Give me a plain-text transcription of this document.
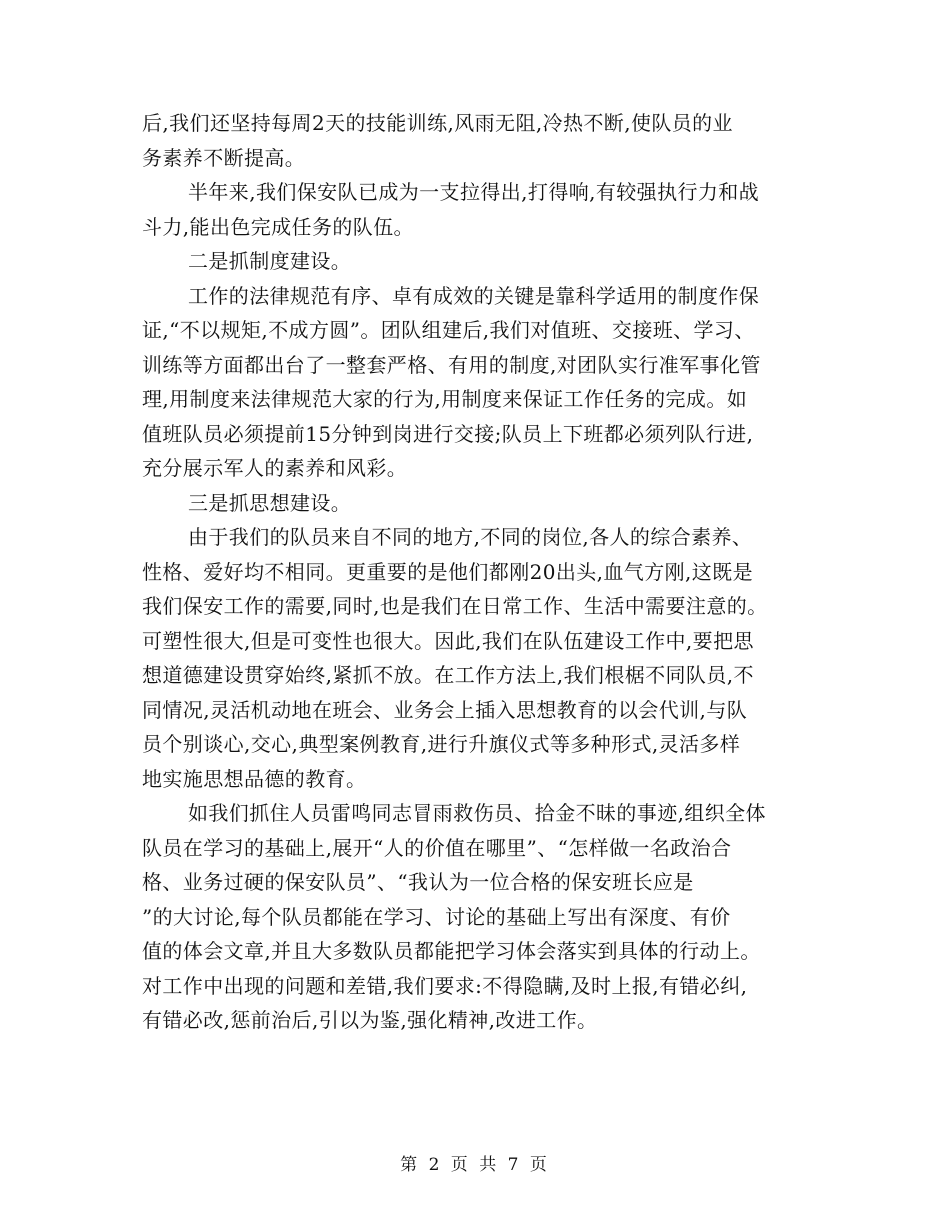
后,我们还坚持每周2天的技能训练,风雨无阻,冷热不断,使队员的业
务素养不断提高。
半年来,我们保安队已成为一支拉得出,打得响,有较强执行力和战
斗力,能出色完成任务的队伍。
二是抓制度建设。
工作的法律规范有序、卓有成效的关键是靠科学适用的制度作保
证,“不以规矩,不成方圆”。团队组建后,我们对值班、交接班、学习、
训练等方面都出台了一整套严格、有用的制度,对团队实行准军事化管
理,用制度来法律规范大家的行为,用制度来保证工作任务的完成。如
值班队员必须提前15分钟到岗进行交接;队员上下班都必须列队行进,
充分展示军人的素养和风彩。
三是抓思想建设。
由于我们的队员来自不同的地方,不同的岗位,各人的综合素养、
性格、爱好均不相同。更重要的是他们都刚20出头,血气方刚,这既是
我们保安工作的需要,同时,也是我们在日常工作、生活中需要注意的。
可塑性很大,但是可变性也很大。因此,我们在队伍建设工作中,要把思
想道德建设贯穿始终,紧抓不放。在工作方法上,我们根椐不同队员,不
同情况,灵活机动地在班会、业务会上插入思想教育的以会代训,与队
员个别谈心,交心,典型案例教育,进行升旗仪式等多种形式,灵活多样
地实施思想品德的教育。
如我们抓住人员雷鸣同志冒雨救伤员、拾金不昧的事迹,组织全体
队员在学习的基础上,展开“人的价值在哪里”、“怎样做一名政治合
格、业务过硬的保安队员”、“我认为一位合格的保安班长应是
”的大讨论,每个队员都能在学习、讨论的基础上写出有深度、有价
值的体会文章,并且大多数队员都能把学习体会落实到具体的行动上。
对工作中出现的问题和差错,我们要求:不得隐瞒,及时上报,有错必纠,
有错必改,惩前治后,引以为鉴,强化精神,改进工作。
第 2 页 共 7 页
